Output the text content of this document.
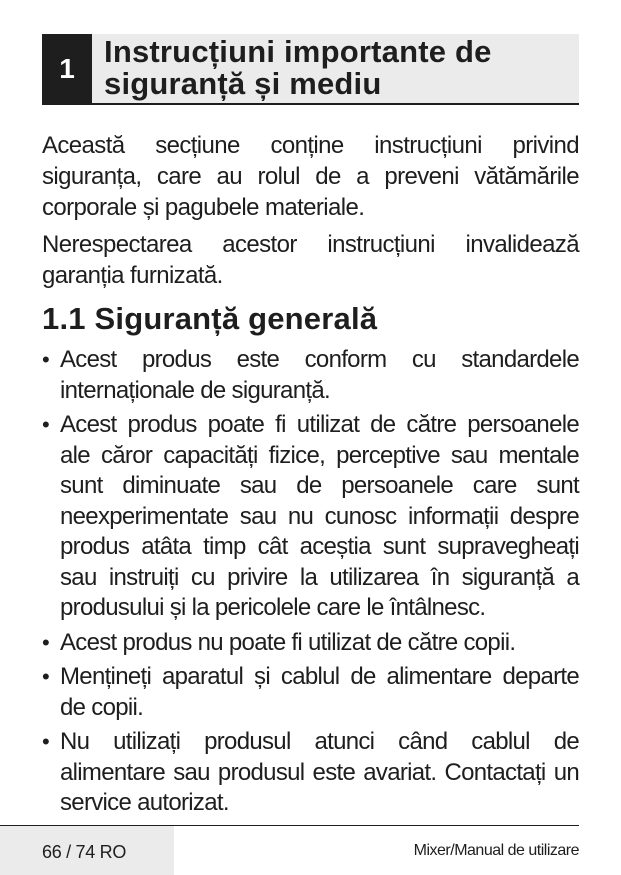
1 Instrucțiuni importante de
siguranță și mediu

Această secțiune conține instrucțiuni privind siguranța, care au rolul de a preveni vătămările corporale și pagubele materiale.

Nerespectarea acestor instrucțiuni invalidează garanția furnizată.

1.1 Siguranță generală
• Acest produs este conform cu standardele internaționale de siguranță.
• Acest produs poate fi utilizat de către persoanele ale căror capacități fizice, perceptive sau mentale sunt diminuate sau de persoanele care sunt neexperimentate sau nu cunosc informații despre produs atâta timp cât aceștia sunt supravegheați sau instruiți cu privire la utilizarea în siguranță a produsului și la pericolele care le întâlnesc.
• Acest produs nu poate fi utilizat de către copii.
• Mențineți aparatul și cablul de alimentare departe de copii.
• Nu utilizați produsul atunci când cablul de alimentare sau produsul este avariat. Contactați un service autorizat.
66 / 74 RO	Mixer/Manual de utilizare
